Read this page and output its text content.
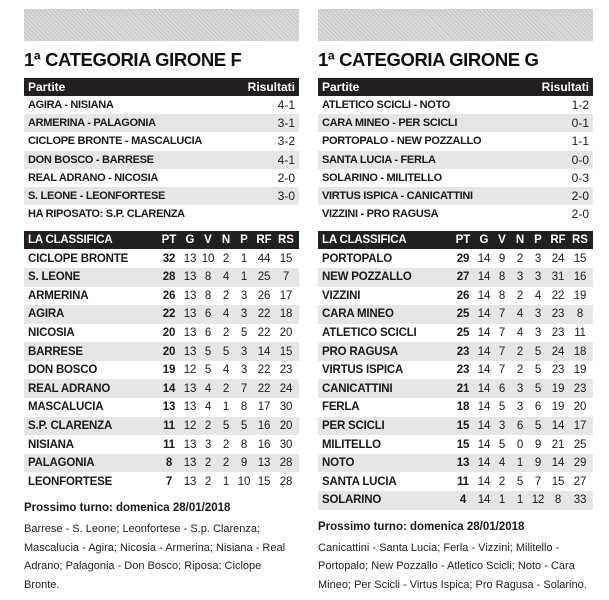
1ª CATEGORIA GIRONE F
Partite	Risultati
AGIRA - NISIANA	4-1
ARMERINA - PALAGONIA	3-1
CICLOPE BRONTE - MASCALUCIA	3-2
DON BOSCO - BARRESE	4-1
REAL ADRANO - NICOSIA	2-0
S. LEONE - LEONFORTESE	3-0
HA RIPOSATO: S.P. CLARENZA
LA CLASSIFICA	PT G V N P RF RS
CICLOPE BRONTE	32 13 10 2	1 44 15
S. LEONE	28 13 8	4	1 25	7
ARMERINA	26 13 8	2	3 26 17
AGIRA	22 13 6	4	3 22 18
NICOSIA	20 13 6	2	5 22 20
BARRESE	20 13 5	5	3 14 15
DON BOSCO	19 12 5	4	3 22 23
REAL ADRANO	14 13 4	2	7 22 24
MASCALUCIA	13 13 4	1	8 17 30
S.P. CLARENZA	11 12 2	5	5 16 20
NISIANA	11 13 3	2	8 16 30
PALAGONIA	8	13 2	2	9 13 28
LEONFORTESE	7	13 2	1 10 15 28
Prossimo turno: domenica 28/01/2018
Barrese - S. Leone; Leonfortese - S.p. Clarenza; Mascalucia - Agira; Nicosia - Armerina; Nisiana - Real Adrano; Palagonia - Don Bosco; Riposa: Ciclope Bronte.
1ª CATEGORIA GIRONE G
Partite	Risultati
ATLETICO SCICLI - NOTO	1-2
CARA MINEO - PER SCICLI	0-1
PORTOPALO - NEW POZZALLO	1-1
SANTA LUCIA - FERLA	0-0
SOLARINO - MILITELLO	0-3
VIRTUS ISPICA - CANICATTINI	2-0
VIZZINI - PRO RAGUSA	2-0
LA CLASSIFICA	PT G V N P RF RS
PORTOPALO	29 14 9	2	3 24 15
NEW POZZALLO	27 14 8	3	3 31 16
VIZZINI	26 14 8	2	4 22 19
CARA MINEO	25 14 7	4	3 23	8
ATLETICO SCICLI	25 14 7	4	3 23 11
PRO RAGUSA	23 14 7	2	5 24 18
VIRTUS ISPICA	23 14 7	2	5 23 19
CANICATTINI	21 14 6	3	5 19 23
FERLA	18 14 5	3	6 19 20
PER SCICLI	15 14 3	6	5 14 17
MILITELLO	15 14 5	0	9 21 25
NOTO	13 14 4	1	9 14 29
SANTA LUCIA	11 14 2	5	7 15 27
SOLARINO	4	14 1	1 12 8	33
Prossimo turno: domenica 28/01/2018
Canicattini - Santa Lucia; Ferla - Vizzini; Militello - Portopalo; New Pozzallo - Atletico Scicli; Noto - Cara Mineo; Per Scicli - Virtus Ispica; Pro Ragusa - Solarino.
